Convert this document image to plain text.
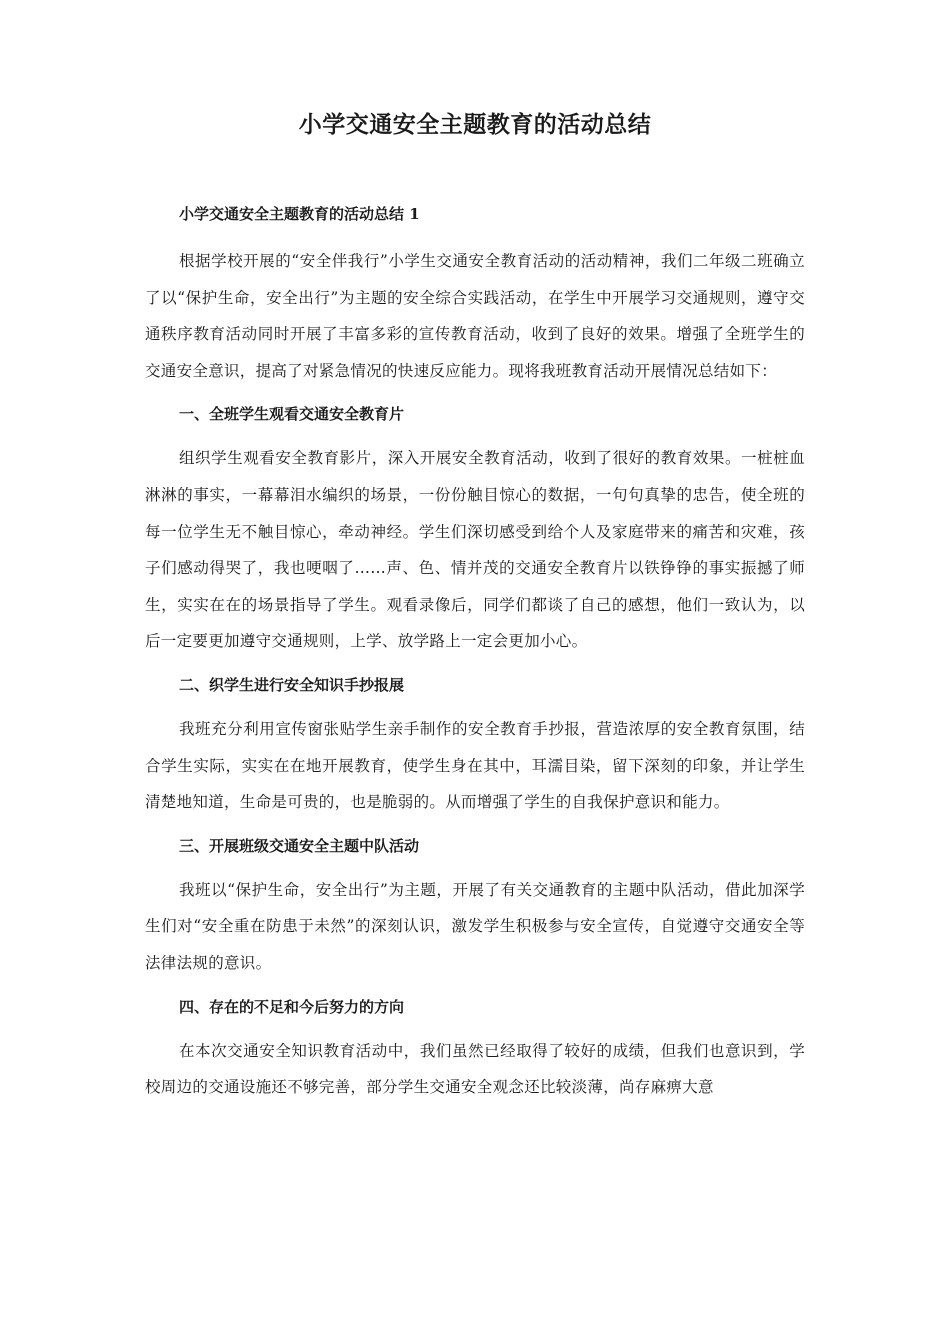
小学交通安全主题教育的活动总结

小学交通安全主题教育的活动总结 1

根据学校开展的“安全伴我行”小学生交通安全教育活动的活动精神，我们二年级二班确立了以“保护生命，安全出行”为主题的安全综合实践活动，在学生中开展学习交通规则，遵守交通秩序教育活动同时开展了丰富多彩的宣传教育活动，收到了良好的效果。增强了全班学生的交通安全意识，提高了对紧急情况的快速反应能力。现将我班教育活动开展情况总结如下：

一、全班学生观看交通安全教育片

组织学生观看安全教育影片，深入开展安全教育活动，收到了很好的教育效果。一桩桩血淋淋的事实，一幕幕泪水编织的场景，一份份触目惊心的数据，一句句真挚的忠告，使全班的每一位学生无不触目惊心，牵动神经。学生们深切感受到给个人及家庭带来的痛苦和灾难，孩子们感动得哭了，我也哽咽了……声、色、情并茂的交通安全教育片以铁铮铮的事实振撼了师生，实实在在的场景指导了学生。观看录像后，同学们都谈了自己的感想，他们一致认为，以后一定要更加遵守交通规则，上学、放学路上一定会更加小心。

二、织学生进行安全知识手抄报展

我班充分利用宣传窗张贴学生亲手制作的安全教育手抄报，营造浓厚的安全教育氛围，结合学生实际，实实在在地开展教育，使学生身在其中，耳濡目染，留下深刻的印象，并让学生清楚地知道，生命是可贵的，也是脆弱的。从而增强了学生的自我保护意识和能力。

三、开展班级交通安全主题中队活动

我班以“保护生命，安全出行”为主题，开展了有关交通教育的主题中队活动，借此加深学生们对“安全重在防患于未然”的深刻认识，激发学生积极参与安全宣传，自觉遵守交通安全等法律法规的意识。

四、存在的不足和今后努力的方向

在本次交通安全知识教育活动中，我们虽然已经取得了较好的成绩，但我们也意识到，学校周边的交通设施还不够完善，部分学生交通安全观念还比较淡薄，尚存麻痹大意
